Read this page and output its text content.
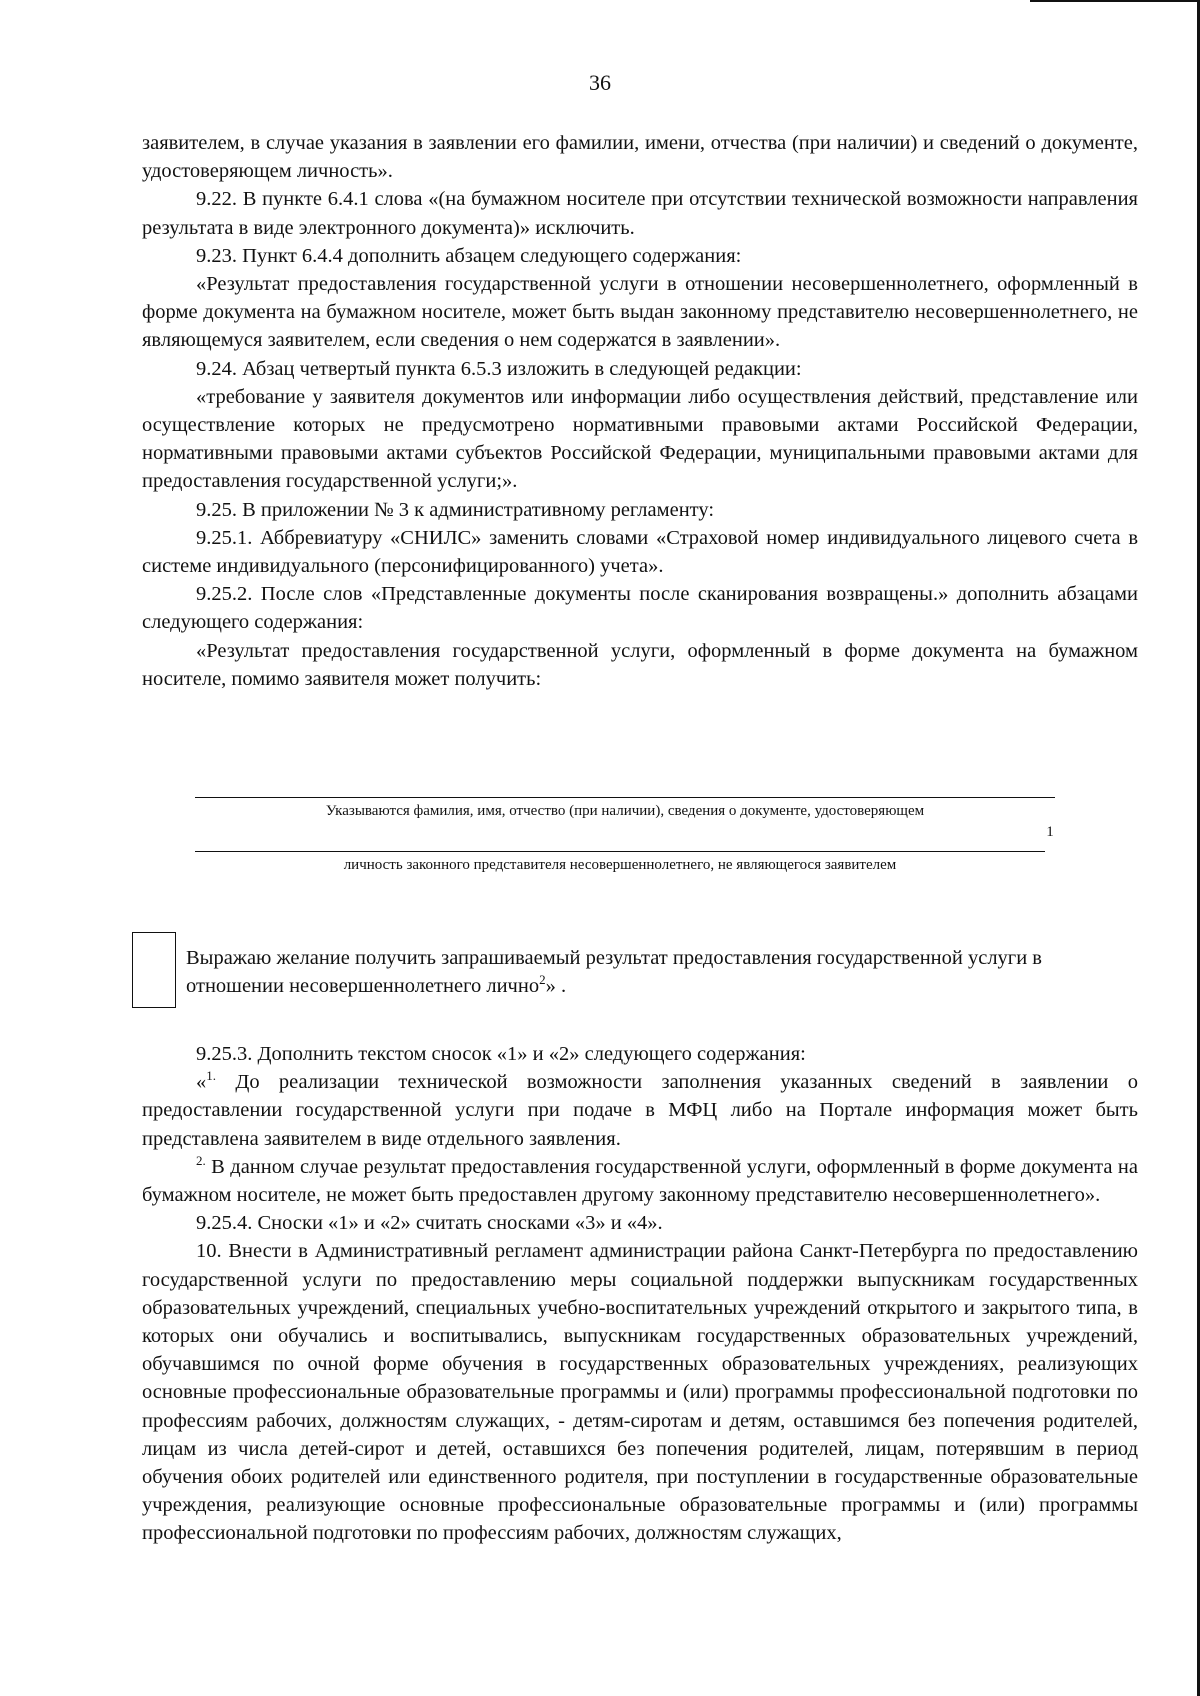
36

заявителем, в случае указания в заявлении его фамилии, имени, отчества (при наличии) и сведений о документе, удостоверяющем личность».

9.22. В пункте 6.4.1 слова «(на бумажном носителе при отсутствии технической возможности направления результата в виде электронного документа)» исключить.

9.23. Пункт 6.4.4 дополнить абзацем следующего содержания:

«Результат предоставления государственной услуги в отношении несовершеннолетнего, оформленный в форме документа на бумажном носителе, может быть выдан законному представителю несовершеннолетнего, не являющемуся заявителем, если сведения о нем содержатся в заявлении».

9.24. Абзац четвертый пункта 6.5.3 изложить в следующей редакции:

«требование у заявителя документов или информации либо осуществления действий, представление или осуществление которых не предусмотрено нормативными правовыми актами Российской Федерации, нормативными правовыми актами субъектов Российской Федерации, муниципальными правовыми актами для предоставления государственной услуги;».

9.25. В приложении № 3 к административному регламенту:

9.25.1. Аббревиатуру «СНИЛС» заменить словами «Страховой номер индивидуального лицевого счета в системе индивидуального (персонифицированного) учета».

9.25.2. После слов «Представленные документы после сканирования возвращены.» дополнить абзацами следующего содержания:

«Результат предоставления государственной услуги, оформленный в форме документа на бумажном носителе, помимо заявителя может получить:

Указываются фамилия, имя, отчество (при наличии), сведения о документе, удостоверяющем
1
личность законного представителя несовершеннолетнего, не являющегося заявителем

Выражаю желание получить запрашиваемый результат предоставления государственной услуги в отношении несовершеннолетнего лично$^2$» .

9.25.3. Дополнить текстом сносок «1» и «2» следующего содержания:

«$^{1.}$ До реализации технической возможности заполнения указанных сведений в заявлении о предоставлении государственной услуги при подаче в МФЦ либо на Портале информация может быть представлена заявителем в виде отдельного заявления.

$^{2.}$ В данном случае результат предоставления государственной услуги, оформленный в форме документа на бумажном носителе, не может быть предоставлен другому законному представителю несовершеннолетнего».

9.25.4. Сноски «1» и «2» считать сносками «3» и «4».

10. Внести в Административный регламент администрации района Санкт-Петербурга по предоставлению государственной услуги по предоставлению меры социальной поддержки выпускникам государственных образовательных учреждений, специальных учебно-воспитательных учреждений открытого и закрытого типа, в которых они обучались и воспитывались, выпускникам государственных образовательных учреждений, обучавшимся по очной форме обучения в государственных образовательных учреждениях, реализующих основные профессиональные образовательные программы и (или) программы профессиональной подготовки по профессиям рабочих, должностям служащих, - детям-сиротам и детям, оставшимся без попечения родителей, лицам из числа детей-сирот и детей, оставшихся без попечения родителей, лицам, потерявшим в период обучения обоих родителей или единственного родителя, при поступлении в государственные образовательные учреждения, реализующие основные профессиональные образовательные программы и (или) программы профессиональной подготовки по профессиям рабочих, должностям служащих,
